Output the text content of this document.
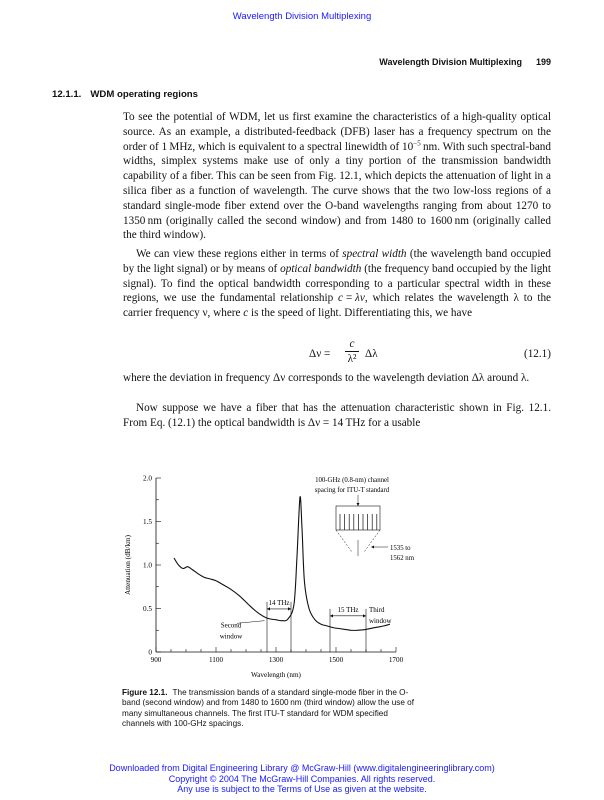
Wavelength Division Multiplexing
Wavelength Division Multiplexing 199
12.1.1. WDM operating regions

To see the potential of WDM, let us first examine the characteristics of a high-quality optical source. As an example, a distributed-feedback (DFB) laser has a frequency spectrum on the order of 1 MHz, which is equivalent to a spectral linewidth of $10^{-5}$ nm. With such spectral-band widths, simplex systems make use of only a tiny portion of the transmission bandwidth capability of a fiber. This can be seen from Fig. 12.1, which depicts the attenuation of light in a silica fiber as a function of wavelength. The curve shows that the two low-loss regions of a standard single-mode fiber extend over the O-band wavelengths ranging from about 1270 to 1350 nm (originally called the second window) and from 1480 to 1600 nm (originally called the third window).

We can view these regions either in terms of spectral width (the wavelength band occupied by the light signal) or by means of optical bandwidth (the frequency band occupied by the light signal). To find the optical bandwidth corresponding to a particular spectral width in these regions, we use the fundamental relationship c = λν, which relates the wavelength λ to the carrier frequency ν, where c is the speed of light. Differentiating this, we have

$\Delta\nu = \frac{c}{\text{λ²}}$ Δλ	(12.1)

where the deviation in frequency Δν corresponds to the wavelength deviation Δλ around λ.

Now suppose we have a fiber that has the attenuation characteristic shown in Fig. 12.1. From Eq. (12.1) the optical bandwidth is Δν = 14 THz for a usable

900	1100	1300	1500	1700
0
0.5
1.0
1.5
2.0
14 THz
15 THz
100-GHz (0.8-nm) channel
spacing for ITU-T standard
1535 to
1562 nm
Wavelength (nm)
Attenuation (dB/km)
Second
window
Third
window

Figure 12.1. The transmission bands of a standard single-mode fiber in the O-band (second window) and from 1480 to 1600 nm (third window) allow the use of many simultaneous channels. The first ITU-T standard for WDM specified channels with 100-GHz spacings.

Downloaded from Digital Engineering Library @ McGraw-Hill (www.digitalengineeringlibrary.com)
Copyright © 2004 The McGraw-Hill Companies. All rights reserved.
Any use is subject to the Terms of Use as given at the website.
